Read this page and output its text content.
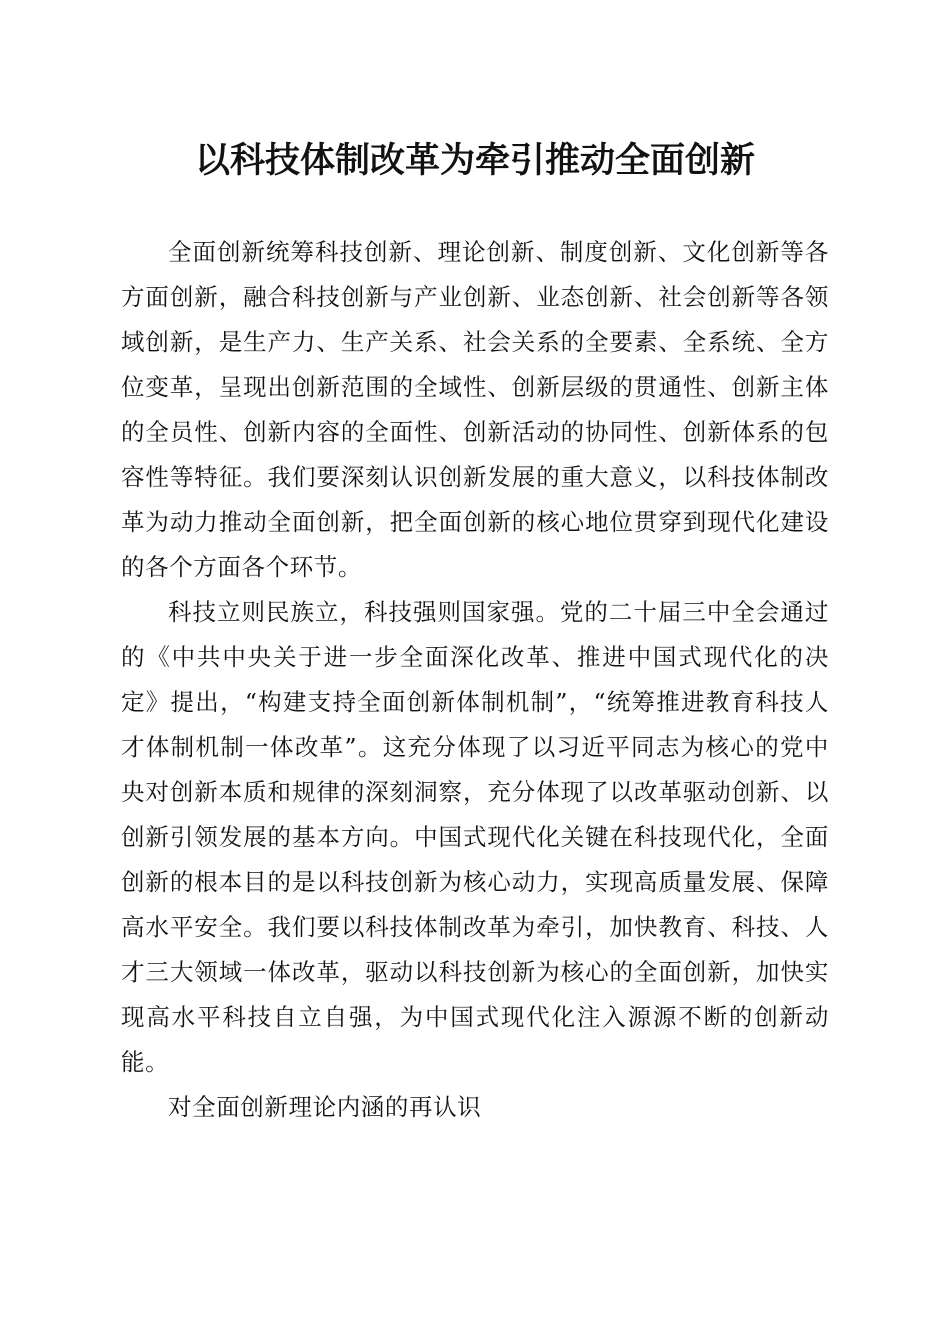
以科技体制改革为牵引推动全面创新

全面创新统筹科技创新、理论创新、制度创新、文化创新等各方面创新，融合科技创新与产业创新、业态创新、社会创新等各领域创新，是生产力、生产关系、社会关系的全要素、全系统、全方位变革，呈现出创新范围的全域性、创新层级的贯通性、创新主体的全员性、创新内容的全面性、创新活动的协同性、创新体系的包容性等特征。我们要深刻认识创新发展的重大意义，以科技体制改革为动力推动全面创新，把全面创新的核心地位贯穿到现代化建设的各个方面各个环节。

科技立则民族立，科技强则国家强。党的二十届三中全会通过的《中共中央关于进一步全面深化改革、推进中国式现代化的决定》提出，“构建支持全面创新体制机制”，“统筹推进教育科技人才体制机制一体改革”。这充分体现了以习近平同志为核心的党中央对创新本质和规律的深刻洞察，充分体现了以改革驱动创新、以创新引领发展的基本方向。中国式现代化关键在科技现代化，全面创新的根本目的是以科技创新为核心动力，实现高质量发展、保障高水平安全。我们要以科技体制改革为牵引，加快教育、科技、人才三大领域一体改革，驱动以科技创新为核心的全面创新，加快实现高水平科技自立自强，为中国式现代化注入源源不断的创新动能。

对全面创新理论内涵的再认识
